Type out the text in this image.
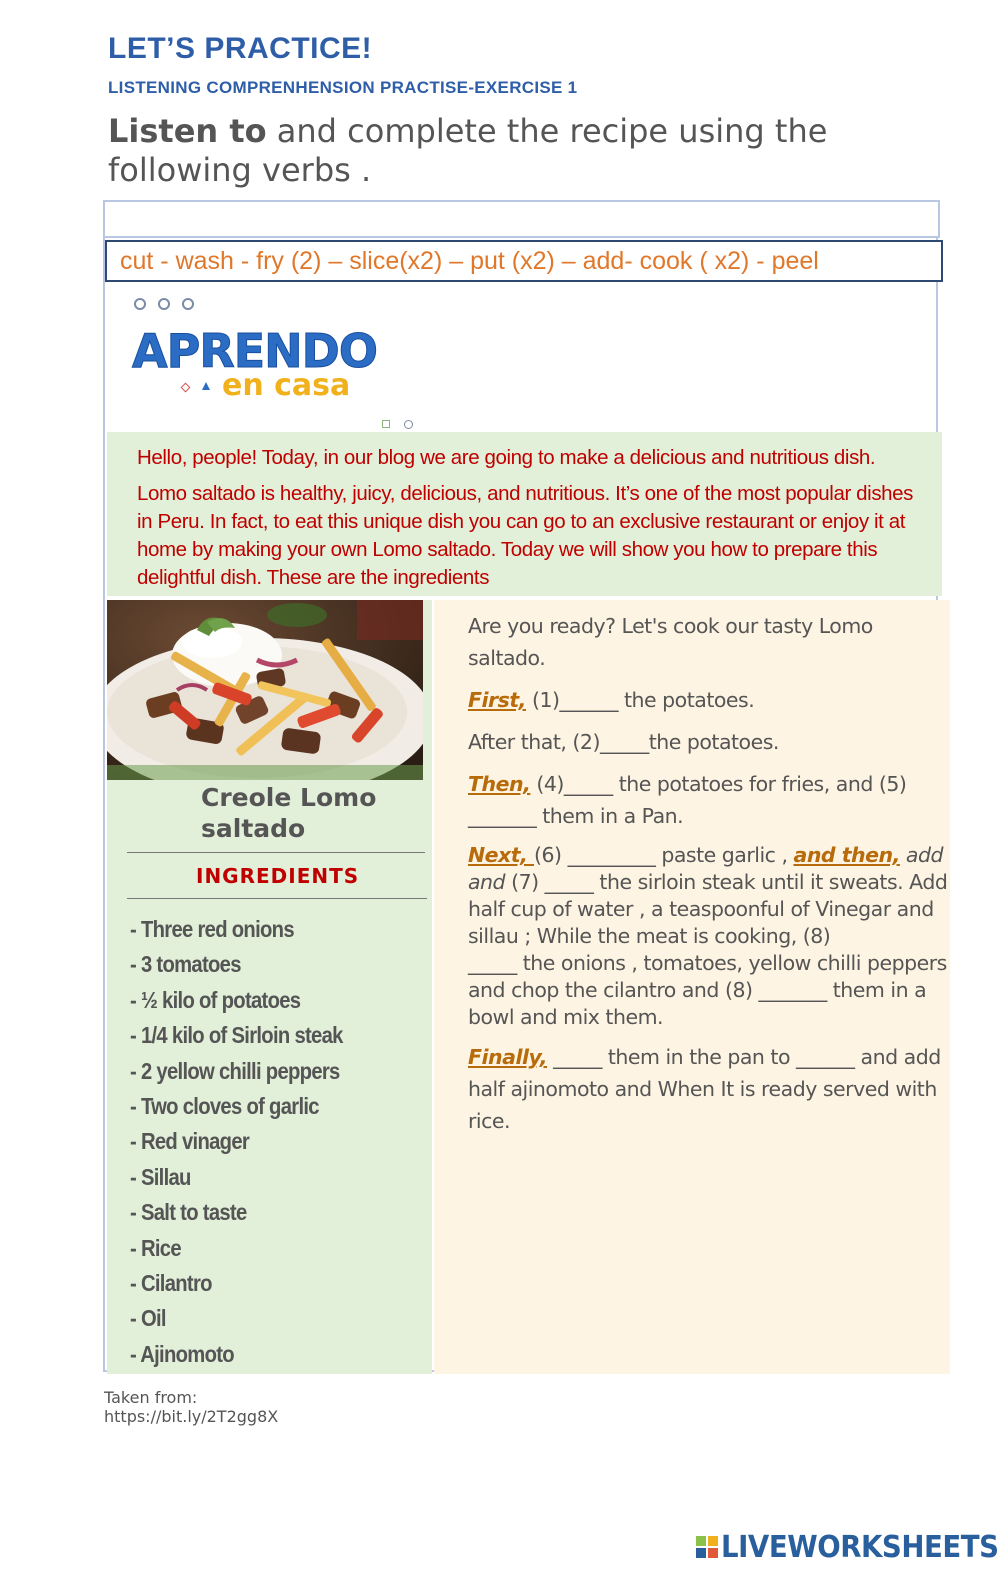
LET’S PRACTICE!
LISTENING COMPRENHENSION PRACTISE-EXERCISE 1
Listen to and complete the recipe using the following verbs .
cut - wash - fry (2) – slice(x2) – put (x2) – add- cook ( x2) - peel
APRENDO
en casa

Hello, people! Today, in our blog we are going to make a delicious and nutritious dish.

Lomo saltado is healthy, juicy, delicious, and nutritious. It’s one of the most popular dishes in Peru. In fact, to eat this unique dish you can go to an exclusive restaurant or enjoy it at home by making your own Lomo saltado. Today we will show you how to prepare this delightful dish. These are the ingredients

Creole Lomo saltado
INGREDIENTS
- Three red onions
- 3 tomatoes
- ½ kilo of potatoes
- 1/4 kilo of Sirloin steak
- 2 yellow chilli peppers
- Two cloves of garlic
- Red vinager
- Sillau
- Salt to taste
- Rice
- Cilantro
- Oil
- Ajinomoto

Are you ready? Let's cook our tasty Lomo saltado.

First, (1)______ the potatoes.

After that, (2)_____the potatoes.

Then, (4)_____ the potatoes for fries, and (5) _______ them in a Pan.

Next, (6) _________ paste garlic , and then, add and (7) _____ the sirloin steak until it sweats. Add half cup of water , a teaspoonful of Vinegar and sillau ; While the meat is cooking, (8)
_____ the onions , tomatoes, yellow chilli peppers and chop the cilantro and (8) _______ them in a bowl and mix them.

Finally, _____ them in the pan to ______ and add half ajinomoto and When It is ready served with rice.

Taken from:
https://bit.ly/2T2gg8X
LIVEWORKSHEETS
